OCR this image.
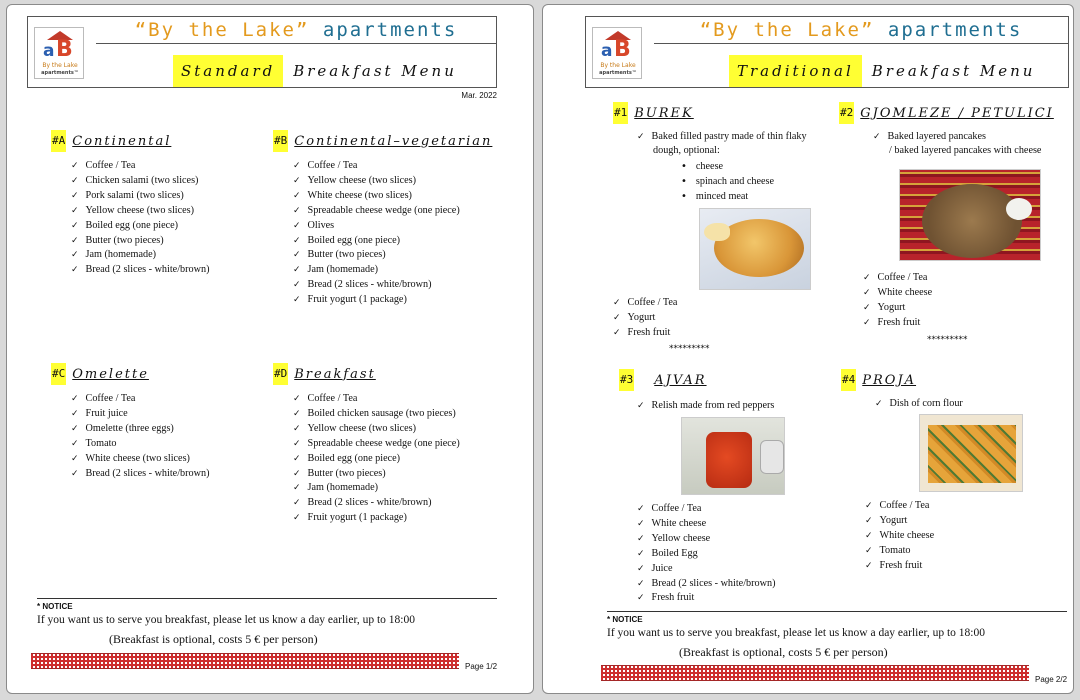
a B
By the Lake
apartments™
“By the Lake” apartments
Standard Breakfast Menu
Mar. 2022
#A Continental
✓ Coffee / Tea
✓ Chicken salami (two slices)
✓ Pork salami (two slices)
✓ Yellow cheese (two slices)
✓ Boiled egg (one piece)
✓ Butter (two pieces)
✓ Jam (homemade)
✓ Bread (2 slices - white/brown)
#B Continental–vegetarian
✓ Coffee / Tea
✓ Yellow cheese (two slices)
✓ White cheese (two slices)
✓ Spreadable cheese wedge (one piece)
✓ Olives
✓ Boiled egg (one piece)
✓ Butter (two pieces)
✓ Jam (homemade)
✓ Bread (2 slices - white/brown)
✓ Fruit yogurt (1 package)
#C Omelette
✓ Coffee / Tea
✓ Fruit juice
✓ Omelette (three eggs)
✓ Tomato
✓ White cheese (two slices)
✓ Bread (2 slices - white/brown)
#D Breakfast
✓ Coffee / Tea
✓ Boiled chicken sausage (two pieces)
✓ Yellow cheese (two slices)
✓ Spreadable cheese wedge (one piece)
✓ Boiled egg (one piece)
✓ Butter (two pieces)
✓ Jam (homemade)
✓ Bread (2 slices - white/brown)
✓ Fruit yogurt (1 package)
* NOTICE
If you want us to serve you breakfast, please let us know a day earlier, up to 18:00
(Breakfast is optional, costs 5 € per person)
Page 1/2
a B
By the Lake
apartments™
“By the Lake” apartments
Traditional Breakfast Menu
#1 BUREK
✓ Baked filled pastry made of thin flaky
dough, optional:
• cheese
• spinach and cheese
• minced meat
✓ Coffee / Tea
✓ Yogurt
✓ Fresh fruit
*********
#2 GJOMLEZE / PETULICI
✓ Baked layered pancakes
/ baked layered pancakes with cheese
✓ Coffee / Tea
✓ White cheese
✓ Yogurt
✓ Fresh fruit
*********
#3 AJVAR
✓ Relish made from red peppers
✓ Coffee / Tea
✓ White cheese
✓ Yellow cheese
✓ Boiled Egg
✓ Juice
✓ Bread (2 slices - white/brown)
✓ Fresh fruit
#4 PROJA
✓ Dish of corn flour
✓ Coffee / Tea
✓ Yogurt
✓ White cheese
✓ Tomato
✓ Fresh fruit
* NOTICE
If you want us to serve you breakfast, please let us know a day earlier, up to 18:00
(Breakfast is optional, costs 5 € per person)
Page 2/2
